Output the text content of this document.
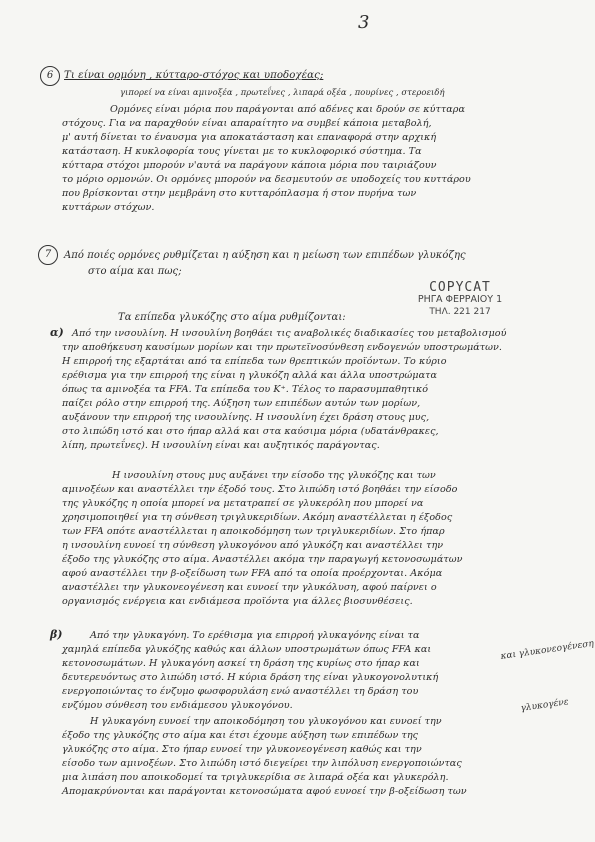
3
6	Τι είναι ορμόνη , κύτταρο-στόχος και υποδοχέας;
γιπορεί να είναι αμινοξέα , πρωτεΐνες , λιπαρά οξέα , πουρίνες , στεροειδή
Ορμόνες είναι μόρια που παράγονται από αδένες και δρούν σε κύτταρα
στόχους. Για να παραχθούν είναι απαραίτητο να συμβεί κάποια μεταβολή,
μ' αυτή δίνεται το έναυσμα για αποκατάσταση και επαναφορά στην αρχική
κατάσταση. Η κυκλοφορία τους γίνεται με το κυκλοφορικό σύστημα. Τα
κύτταρα στόχοι μπορούν ν'αυτά να παράγουν κάποια μόρια που ταιριάζουν
το μόριο ορμονών. Οι ορμόνες μπορούν να δεσμευτούν σε υποδοχείς του κυττάρου
που βρίσκονται στην μεμβράνη στο κυτταρόπλασμα ή στον πυρήνα των
κυττάρων στόχων.
7	Από ποιές ορμόνες ρυθμίζεται η αύξηση και η μείωση των επιπέδων γλυκόζης
στο αίμα και πως;
COPYCAT
ΡΗΓΑ ΦΕΡΡΑΙΟΥ 1
ΤΗΛ. 221 217
Τα επίπεδα γλυκόζης στο αίμα ρυθμίζονται:
α) Από την ινσουλίνη. Η ινσουλίνη βοηθάει τις αναβολικές διαδικασίες του μεταβολισμού
την αποθήκευση καυσίμων μορίων και την πρωτεϊνοσύνθεση ενδογενών υποστρωμάτων.
Η επιρροή της εξαρτάται από τα επίπεδα των θρεπτικών προϊόντων. Το κύριο
ερέθισμα για την επιρροή της είναι η γλυκόζη αλλά και άλλα υποστρώματα
όπως τα αμινοξέα τα FFA. Τα επίπεδα του K⁺. Τέλος το παρασυμπαθητικό
παίζει ρόλο στην επιρροή της. Αύξηση των επιπέδων αυτών των μορίων,
αυξάνουν την επιρροή της ινσουλίνης. Η ινσουλίνη έχει δράση στους μυς,
στο λιπώδη ιστό και στο ήπαρ αλλά και στα καύσιμα μόρια (υδατάνθρακες,
λίπη, πρωτεΐνες). Η ινσουλίνη είναι και αυξητικός παράγοντας.
Η ινσουλίνη στους μυς αυξάνει την είσοδο της γλυκόζης και των
αμινοξέων και αναστέλλει την έξοδό τους. Στο λιπώδη ιστό βοηθάει την είσοδο
της γλυκόζης η οποία μπορεί να μετατραπεί σε γλυκερόλη που μπορεί να
χρησιμοποιηθεί για τη σύνθεση τριγλυκεριδίων. Ακόμη αναστέλλεται η έξοδος
των FFA οπότε αναστέλλεται η αποικοδόμηση των τριγλυκεριδίων. Στο ήπαρ
η ινσουλίνη ευνοεί τη σύνθεση γλυκογόνου από γλυκόζη και αναστέλλει την
έξοδο της γλυκόζης στο αίμα. Αναστέλλει ακόμα την παραγωγή κετονοσωμάτων
αφού αναστέλλει την β-οξείδωση των FFA από τα οποία προέρχονται. Ακόμα
αναστέλλει την γλυκονεογένεση και ευνοεί την γλυκόλυση, αφού παίρνει ο
οργανισμός ενέργεια και ενδιάμεσα προϊόντα για άλλες βιοσυνθέσεις.
β)	Από την γλυκαγόνη. Το ερέθισμα για επιρροή γλυκαγόνης είναι τα
χαμηλά επίπεδα γλυκόζης καθώς και άλλων υποστρωμάτων όπως FFA και
κετονοσωμάτων. Η γλυκαγόνη ασκεί τη δράση της κυρίως στο ήπαρ και
δευτερευόντως στο λιπώδη ιστό. Η κύρια δράση της είναι γλυκογονολυτική
ενεργοποιώντας το ένζυμο φωσφορυλάση ενώ αναστέλλει τη δράση του
ενζύμου σύνθεση του ενδιάμεσου γλυκογόνου.
Η γλυκαγόνη ευνοεί την αποικοδόμηση του γλυκογόνου και ευνοεί την
έξοδο της γλυκόζης στο αίμα και έτσι έχουμε αύξηση των επιπέδων της
γλυκόζης στο αίμα. Στο ήπαρ ευνοεί την γλυκονεογένεση καθώς και την
είσοδο των αμινοξέων. Στο λιπώδη ιστό διεγείρει την λιπόλυση ενεργοποιώντας
μια λιπάση που αποικοδομεί τα τριγλυκερίδια σε λιπαρά οξέα και γλυκερόλη.
Απομακρύνονται και παράγονται κετονοσώματα αφού ευνοεί την β-οξείδωση των
και γλυκονεογένεση
γλυκογένε
